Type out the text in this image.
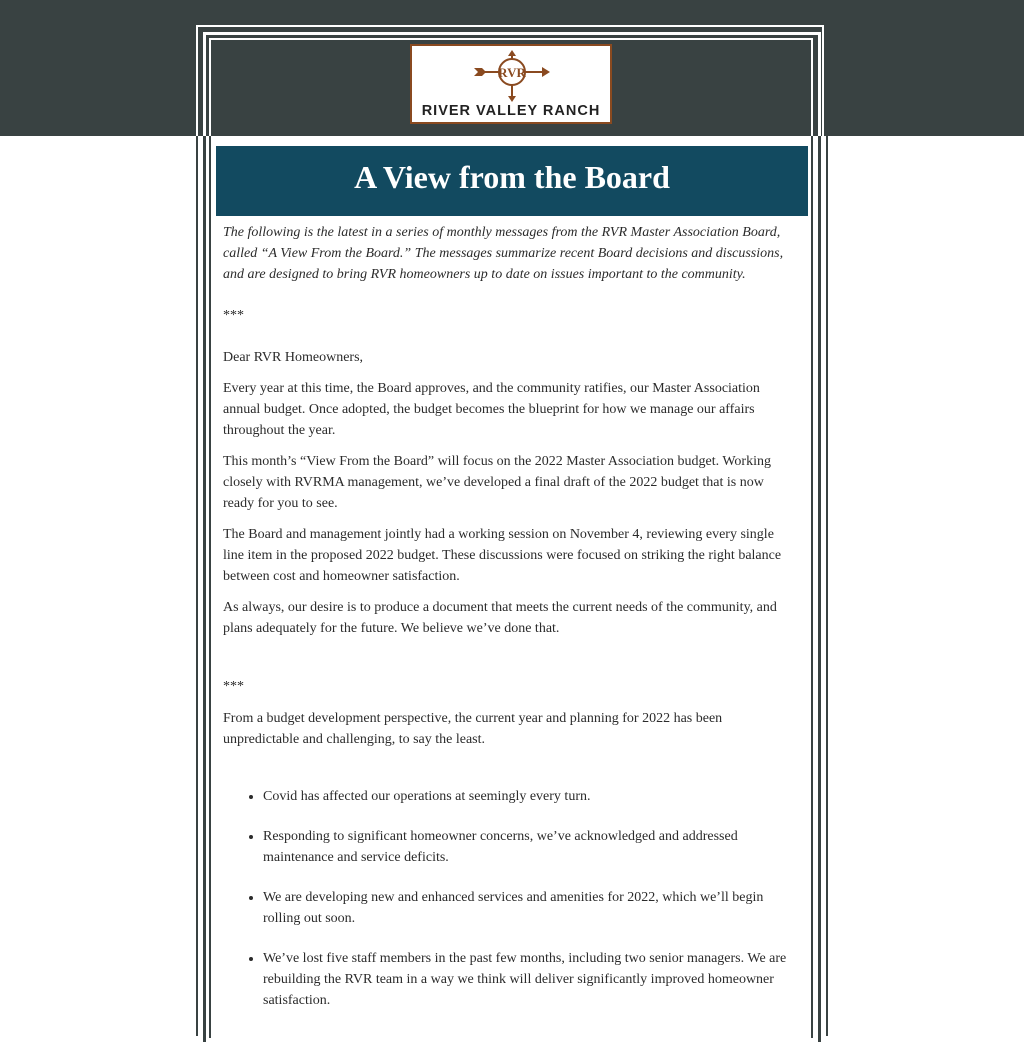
RVR
RIVER VALLEY RANCH
A View from the Board

The following is the latest in a series of monthly messages from the RVR Master Association Board, called “A View From the Board.” The messages summarize recent Board decisions and discussions, and are designed to bring RVR homeowners up to date on issues important to the community.

***

Dear RVR Homeowners,

Every year at this time, the Board approves, and the community ratifies, our Master Association annual budget. Once adopted, the budget becomes the blueprint for how we manage our affairs throughout the year.

This month’s “View From the Board” will focus on the 2022 Master Association budget. Working closely with RVRMA management, we’ve developed a final draft of the 2022 budget that is now ready for you to see.

The Board and management jointly had a working session on November 4, reviewing every single line item in the proposed 2022 budget. These discussions were focused on striking the right balance between cost and homeowner satisfaction.

As always, our desire is to produce a document that meets the current needs of the community, and plans adequately for the future. We believe we’ve done that.

***

From a budget development perspective, the current year and planning for 2022 has been unpredictable and challenging, to say the least.

• Covid has affected our operations at seemingly every turn.
• Responding to significant homeowner concerns, we’ve acknowledged and addressed maintenance and service deficits.
• We are developing new and enhanced services and amenities for 2022, which we’ll begin rolling out soon.
• We’ve lost five staff members in the past few months, including two senior managers. We are rebuilding the RVR team in a way we think will deliver significantly improved homeowner satisfaction.
